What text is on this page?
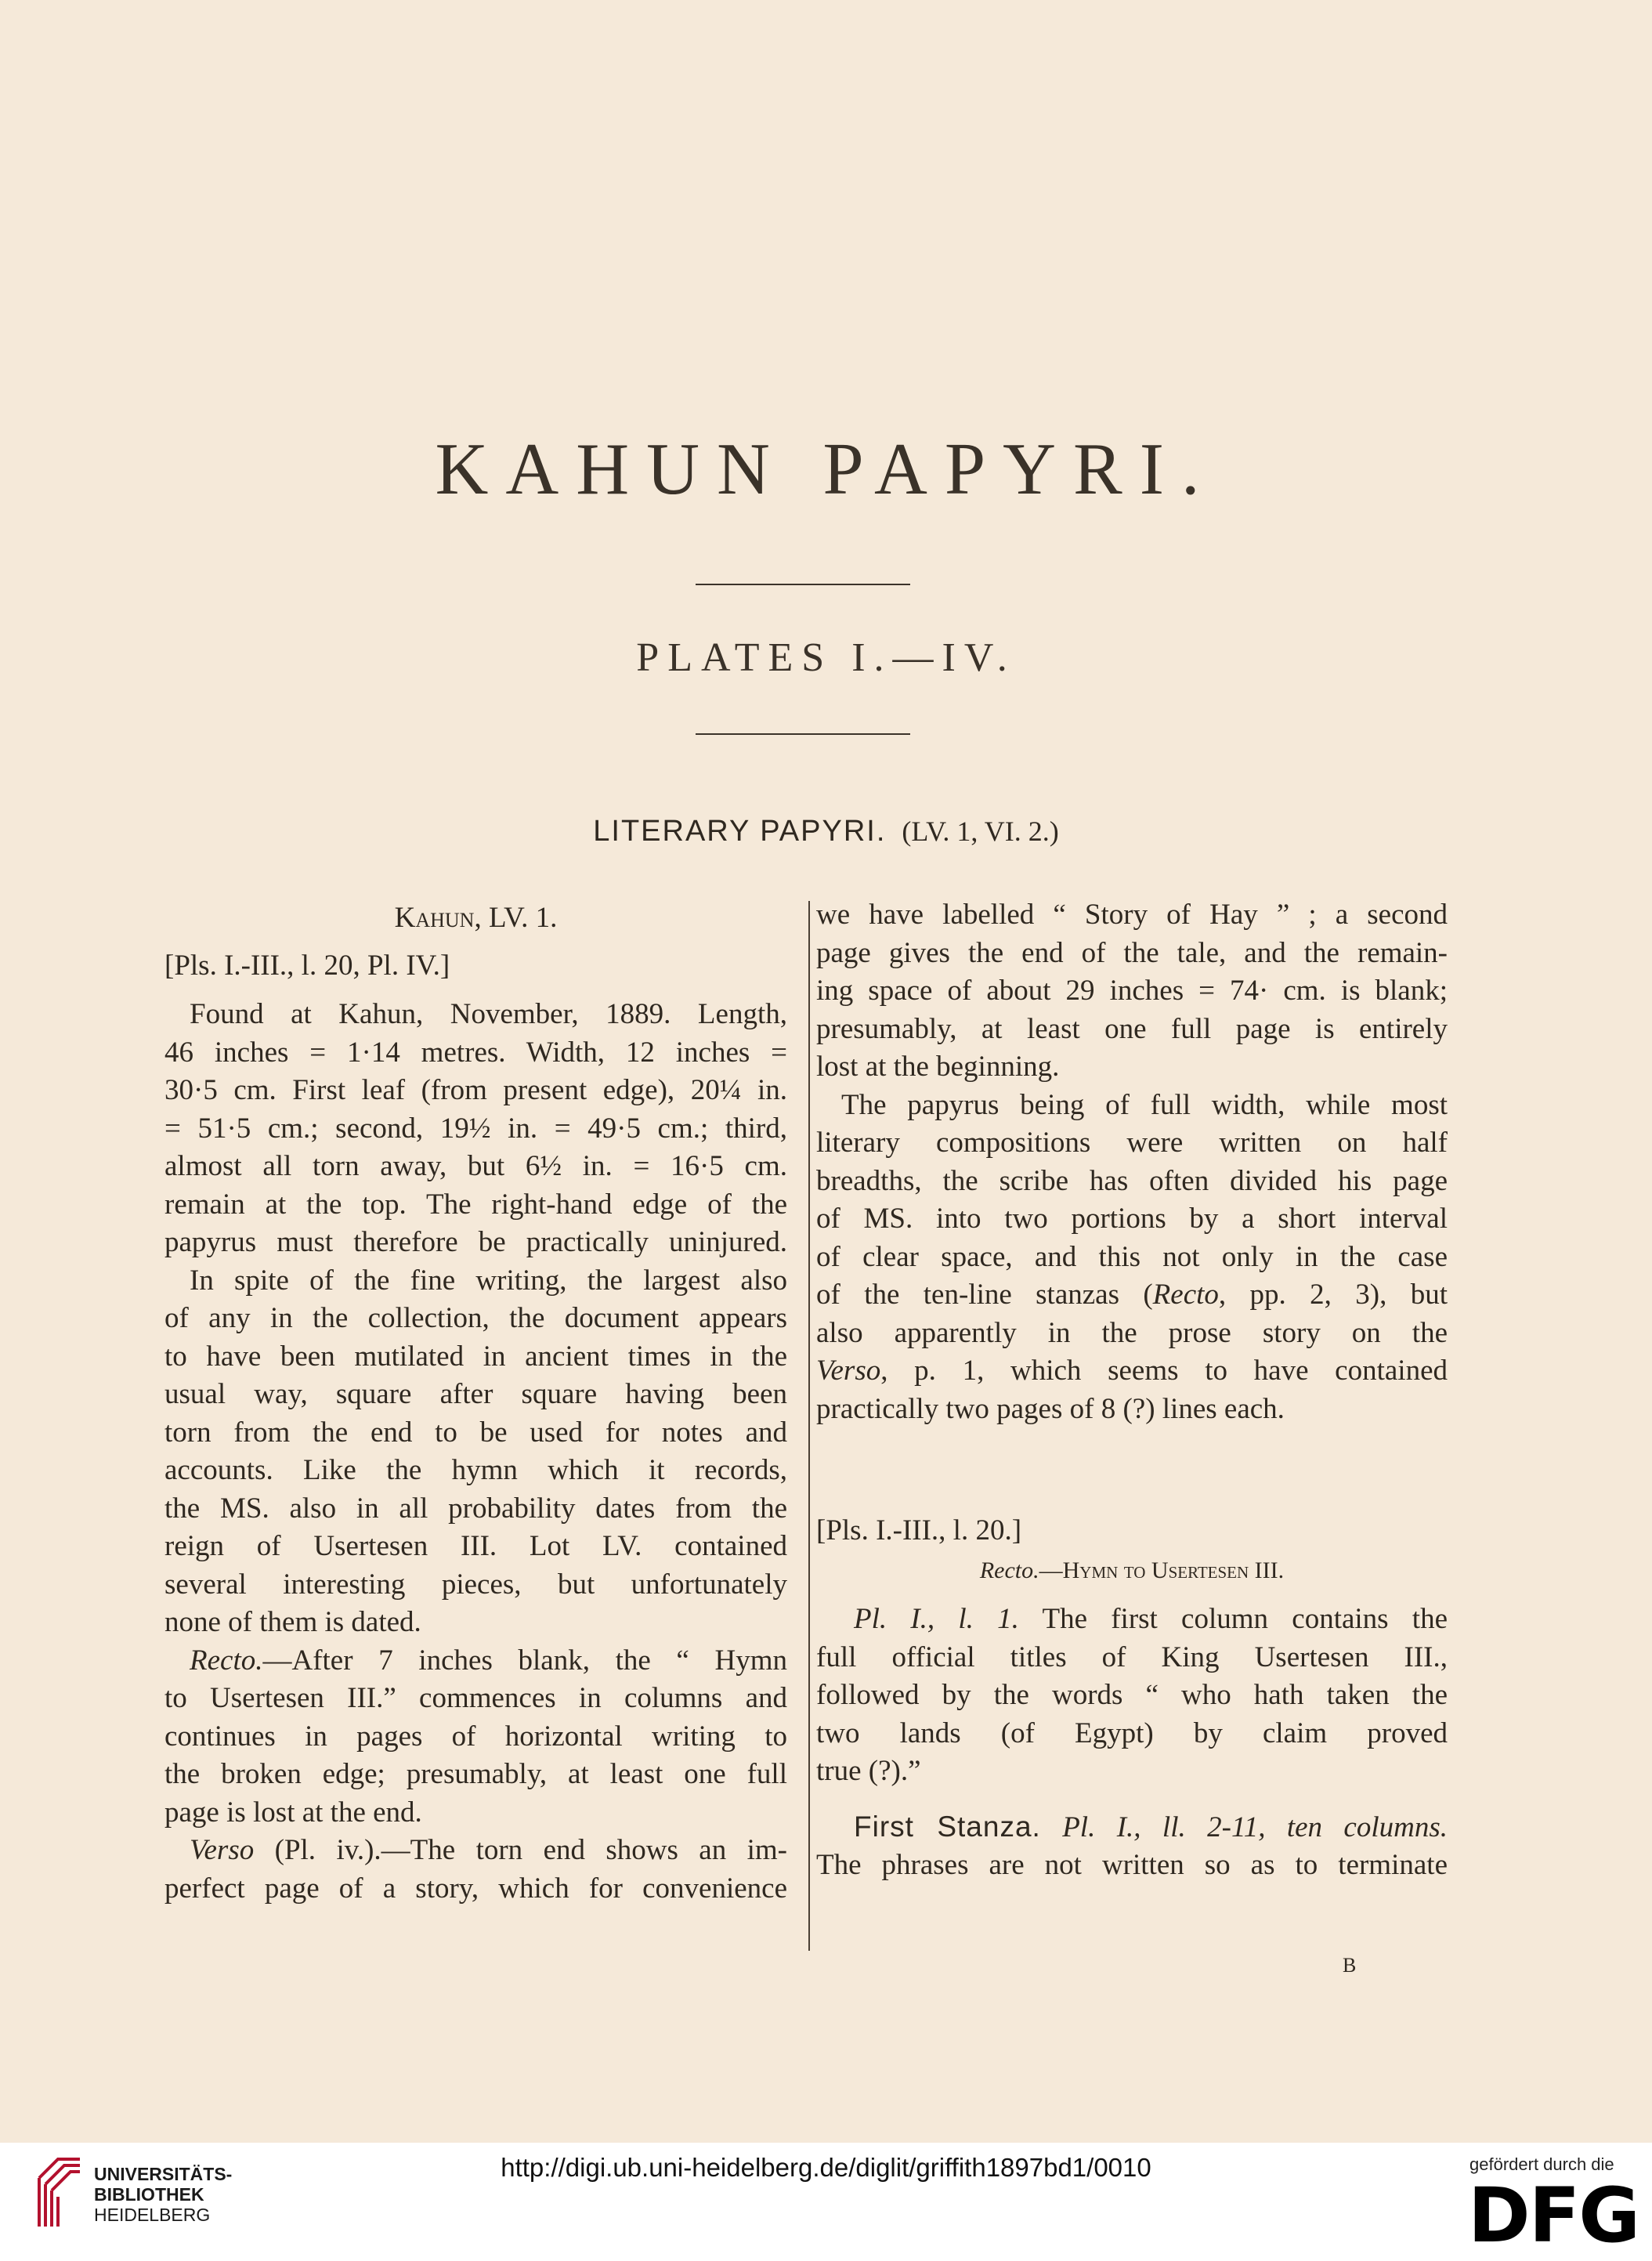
KAHUN PAPYRI.
PLATES I.—IV.
LITERARY PAPYRI. (LV. 1, VI. 2.)

Kahun, LV. 1.

[Pls. I.-III., l. 20, Pl. IV.]

Found at Kahun, November, 1889. Length,

46 inches = 1·14 metres. Width, 12 inches =

30·5 cm. First leaf (from present edge), 20¼ in.

= 51·5 cm.; second, 19½ in. = 49·5 cm.; third,

almost all torn away, but 6½ in. = 16·5 cm.

remain at the top. The right-hand edge of the

papyrus must therefore be practically uninjured.

In spite of the fine writing, the largest also

of any in the collection, the document appears

to have been mutilated in ancient times in the

usual way, square after square having been

torn from the end to be used for notes and

accounts. Like the hymn which it records,

the MS. also in all probability dates from the

reign of Usertesen III. Lot LV. contained

several interesting pieces, but unfortunately

none of them is dated.

Recto.—After 7 inches blank, the “ Hymn

to Usertesen III.” commences in columns and

continues in pages of horizontal writing to

the broken edge; presumably, at least one full

page is lost at the end.

Verso (Pl. iv.).—The torn end shows an im-

perfect page of a story, which for convenience

we have labelled “ Story of Hay ” ; a second

page gives the end of the tale, and the remain-

ing space of about 29 inches = 74· cm. is blank;

presumably, at least one full page is entirely

lost at the beginning.

The papyrus being of full width, while most

literary compositions were written on half

breadths, the scribe has often divided his page

of MS. into two portions by a short interval

of clear space, and this not only in the case

of the ten-line stanzas (Recto, pp. 2, 3), but

also apparently in the prose story on the

Verso, p. 1, which seems to have contained

practically two pages of 8 (?) lines each.

[Pls. I.-III., l. 20.]

Recto.—Hymn to Usertesen III.

Pl. I., l. 1. The first column contains the

full official titles of King Usertesen III.,

followed by the words “ who hath taken the

two lands (of Egypt) by claim proved

true (?).”

First Stanza. Pl. I., ll. 2-11, ten columns.

The phrases are not written so as to terminate

B
UNIVERSITÄTS-
BIBLIOTHEK
HEIDELBERG
http://digi.ub.uni-heidelberg.de/diglit/griffith1897bd1/0010	gefördert durch die
DFG
